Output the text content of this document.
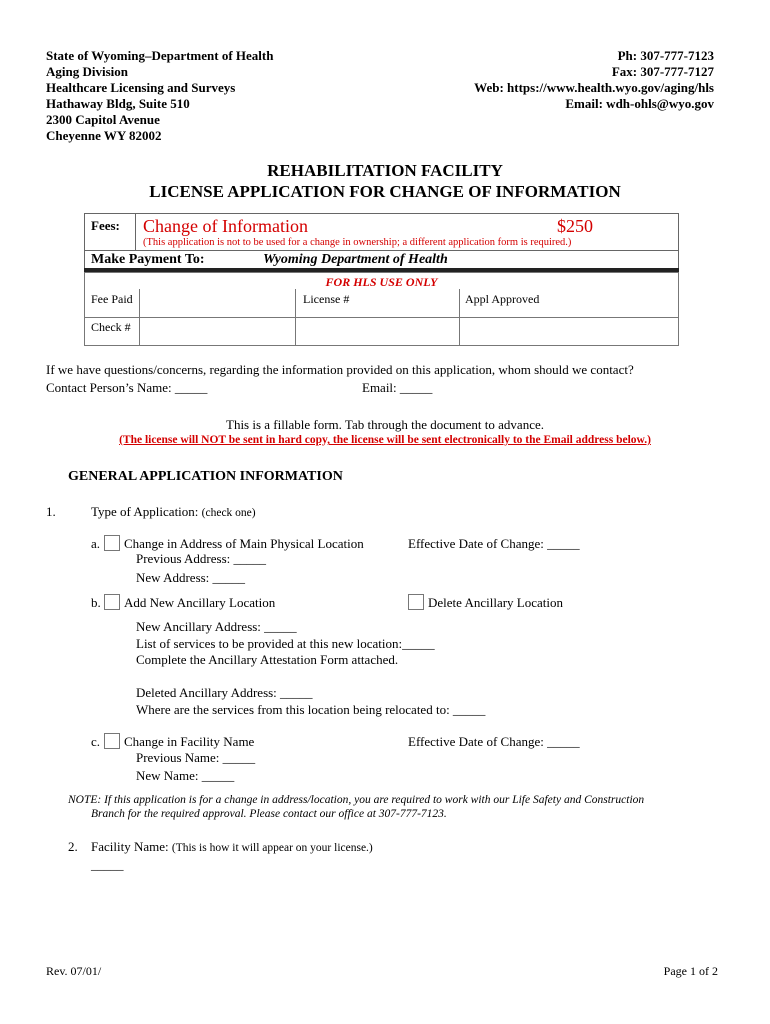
State of Wyoming–Department of Health
Aging Division
Healthcare Licensing and Surveys
Hathaway Bldg, Suite 510
2300 Capitol Avenue
Cheyenne WY 82002
Ph: 307-777-7123
Fax: 307-777-7127
Web: https://www.health.wyo.gov/aging/hls
Email: wdh-ohls@wyo.gov
REHABILITATION FACILITY
LICENSE APPLICATION FOR CHANGE OF INFORMATION
Fees: Change of Information	$250
(This application is not to be used for a change in ownership; a different application form is required.)
Make Payment To:	Wyoming Department of Health
FOR HLS USE ONLY
Fee Paid	License #	Appl Approved
Check #
If we have questions/concerns, regarding the information provided on this application, whom should we contact?
Contact Person’s Name: _____	Email: _____
This is a fillable form. Tab through the document to advance.
(The license will NOT be sent in hard copy, the license will be sent electronically to the Email address below.)
GENERAL APPLICATION INFORMATION
1.	Type of Application: (check one)
a.	Change in Address of Main Physical Location	Effective Date of Change: _____
Previous Address: _____
New Address: _____
b.	Add New Ancillary Location	Delete Ancillary Location
New Ancillary Address: _____
List of services to be provided at this new location:_____
Complete the Ancillary Attestation Form attached.
Deleted Ancillary Address: _____
Where are the services from this location being relocated to: _____
c.	Change in Facility Name	Effective Date of Change: _____
Previous Name: _____
New Name: _____
NOTE: If this application is for a change in address/location, you are required to work with our Life Safety and Construction
Branch for the required approval. Please contact our office at 307-777-7123.
2. Facility Name: (This is how it will appear on your license.)
_____
Rev. 07/01/	Page 1 of 2
